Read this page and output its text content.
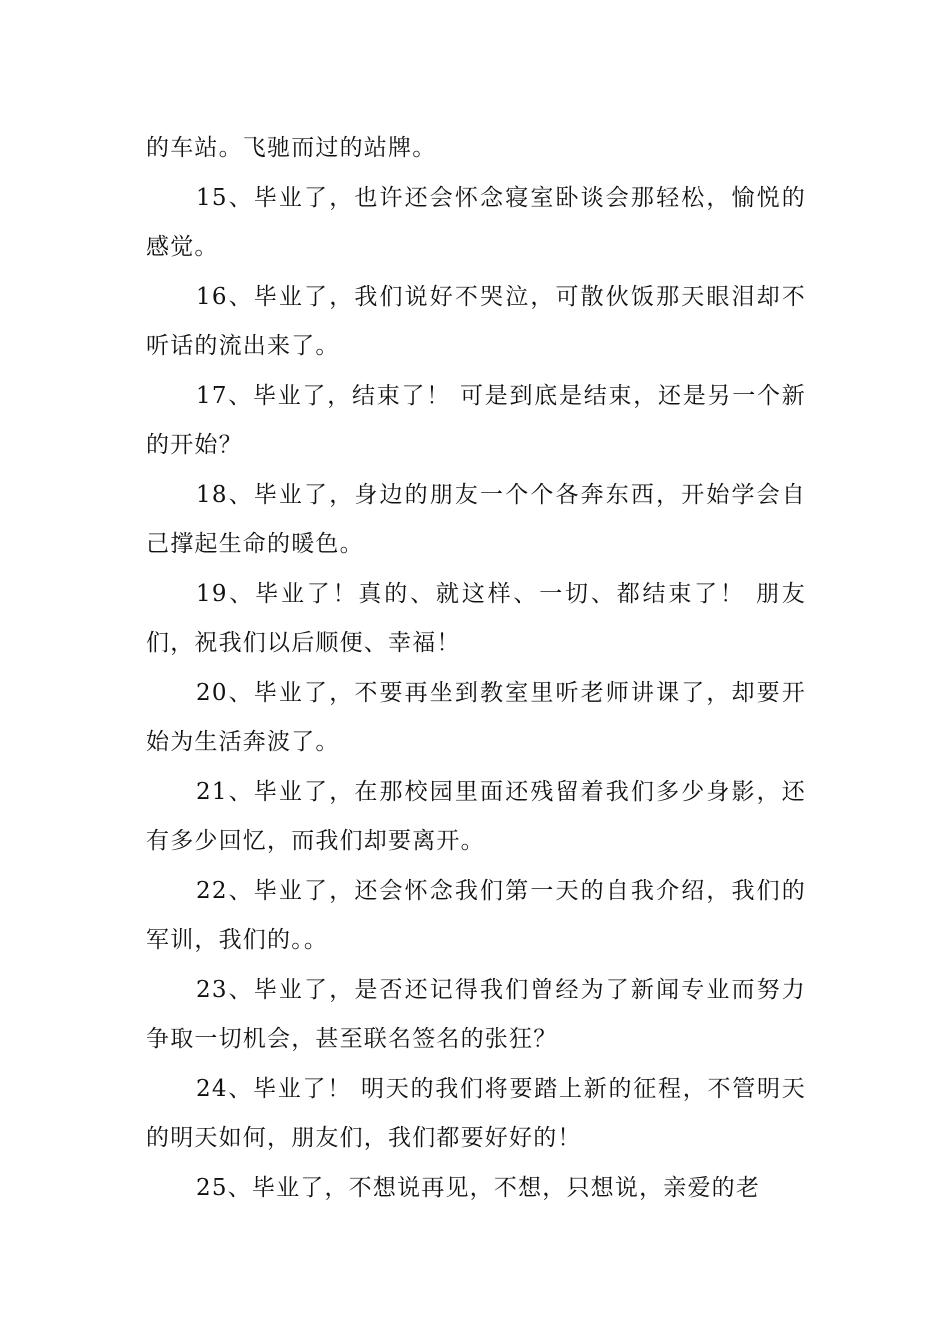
的车站。飞驰而过的站牌。

15、毕业了，也许还会怀念寝室卧谈会那轻松，愉悦的感觉。

16、毕业了，我们说好不哭泣，可散伙饭那天眼泪却不听话的流出来了。

17、毕业了，结束了！ 可是到底是结束，还是另一个新的开始？

18、毕业了，身边的朋友一个个各奔东西，开始学会自己撑起生命的暖色。

19、毕业了！真的、就这样、一切、都结束了！ 朋友们，祝我们以后顺便、幸福！

20、毕业了，不要再坐到教室里听老师讲课了，却要开始为生活奔波了。

21、毕业了，在那校园里面还残留着我们多少身影，还有多少回忆，而我们却要离开。

22、毕业了，还会怀念我们第一天的自我介绍，我们的军训，我们的。。

23、毕业了，是否还记得我们曾经为了新闻专业而努力争取一切机会，甚至联名签名的张狂？

24、毕业了！ 明天的我们将要踏上新的征程，不管明天的明天如何，朋友们，我们都要好好的！

25、毕业了，不想说再见，不想，只想说，亲爱的老
